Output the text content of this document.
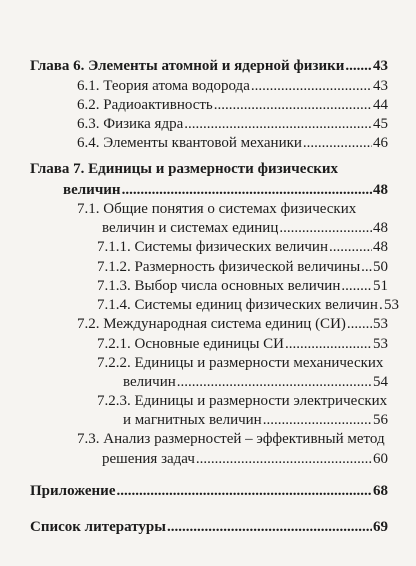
Глава 6. Элементы атомной и ядерной физики ..... 43
6.1. Теория атома водорода .....	43
6.2. Радиоактивность .....	44
6.3. Физика ядра .....	45
6.4. Элементы квантовой механики .....	46
Глава 7. Единицы и размерности физических
величин .....	48
7.1. Общие понятия о системах физических
величин и системах единиц .....	48
7.1.1. Системы физических величин .....	48
7.1.2. Размерность физической величины ..... 50
7.1.3. Выбор числа основных величин ..... 51
7.1.4. Системы единиц физических величин ..... 53
7.2. Международная система единиц (СИ) ..... 53
7.2.1. Основные единицы СИ .....	53
7.2.2. Единицы и размерности механических
величин .....	54
7.2.3. Единицы и размерности электрических
и магнитных величин .....	56
7.3. Анализ размерностей – эффективный метод
решения задач .....	60
Приложение .....	68
Список литературы .....	69
